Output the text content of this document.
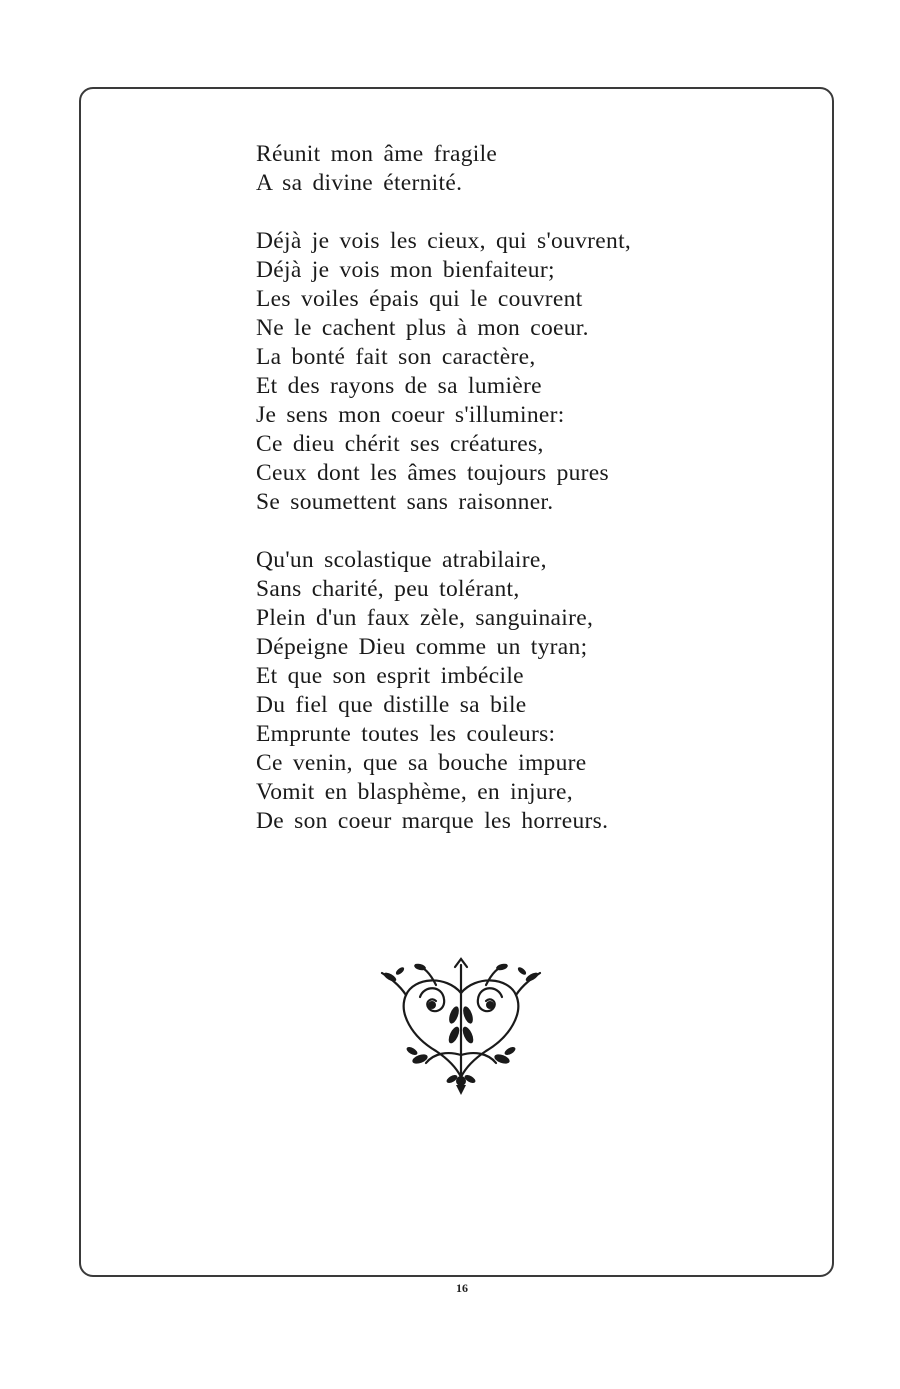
Réunit mon âme fragile
A sa divine éternité.
Déjà je vois les cieux, qui s'ouvrent,
Déjà je vois mon bienfaiteur;
Les voiles épais qui le couvrent
Ne le cachent plus à mon coeur.
La bonté fait son caractère,
Et des rayons de sa lumière
Je sens mon coeur s'illuminer:
Ce dieu chérit ses créatures,
Ceux dont les âmes toujours pures
Se soumettent sans raisonner.
Qu'un scolastique atrabilaire,
Sans charité, peu tolérant,
Plein d'un faux zèle, sanguinaire,
Dépeigne Dieu comme un tyran;
Et que son esprit imbécile
Du fiel que distille sa bile
Emprunte toutes les couleurs:
Ce venin, que sa bouche impure
Vomit en blasphème, en injure,
De son coeur marque les horreurs.
16
